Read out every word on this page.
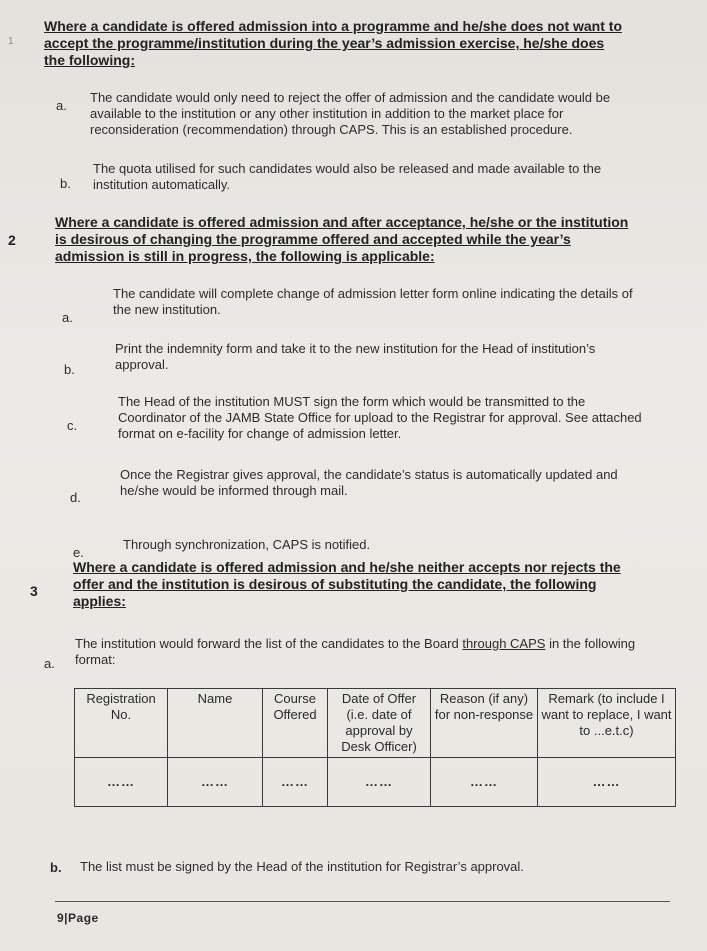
1
Where a candidate is offered admission into a programme and he/she does not want to accept the programme/institution during the year’s admission exercise, he/she does the following:
a.
The candidate would only need to reject the offer of admission and the candidate would be available to the institution or any other institution in addition to the market place for reconsideration (recommendation) through CAPS. This is an established procedure.
b.
The quota utilised for such candidates would also be released and made available to the institution automatically.
2
Where a candidate is offered admission and after acceptance, he/she or the institution is desirous of changing the programme offered and accepted while the year’s admission is still in progress, the following is applicable:
a.
The candidate will complete change of admission letter form online indicating the details of the new institution.
b.
Print the indemnity form and take it to the new institution for the Head of institution’s approval.
c.
The Head of the institution MUST sign the form which would be transmitted to the Coordinator of the JAMB State Office for upload to the Registrar for approval. See attached format on e-facility for change of admission letter.
d.
Once the Registrar gives approval, the candidate’s status is automatically updated and he/she would be informed through mail.
e.
Through synchronization, CAPS is notified.
3
Where a candidate is offered admission and he/she neither accepts nor rejects the offer and the institution is desirous of substituting the candidate, the following applies:
a.
The institution would forward the list of the candidates to the Board through CAPS in the following format:
Registration No.	Name	Course Offered	Date of Offer (i.e. date of approval by Desk Officer)	Reason (if any) for non-response	Remark (to include I want to replace, I want to ...e.t.c)
……	……	……	……	……	……
b. The list must be signed by the Head of the institution for Registrar’s approval.
9|Page
